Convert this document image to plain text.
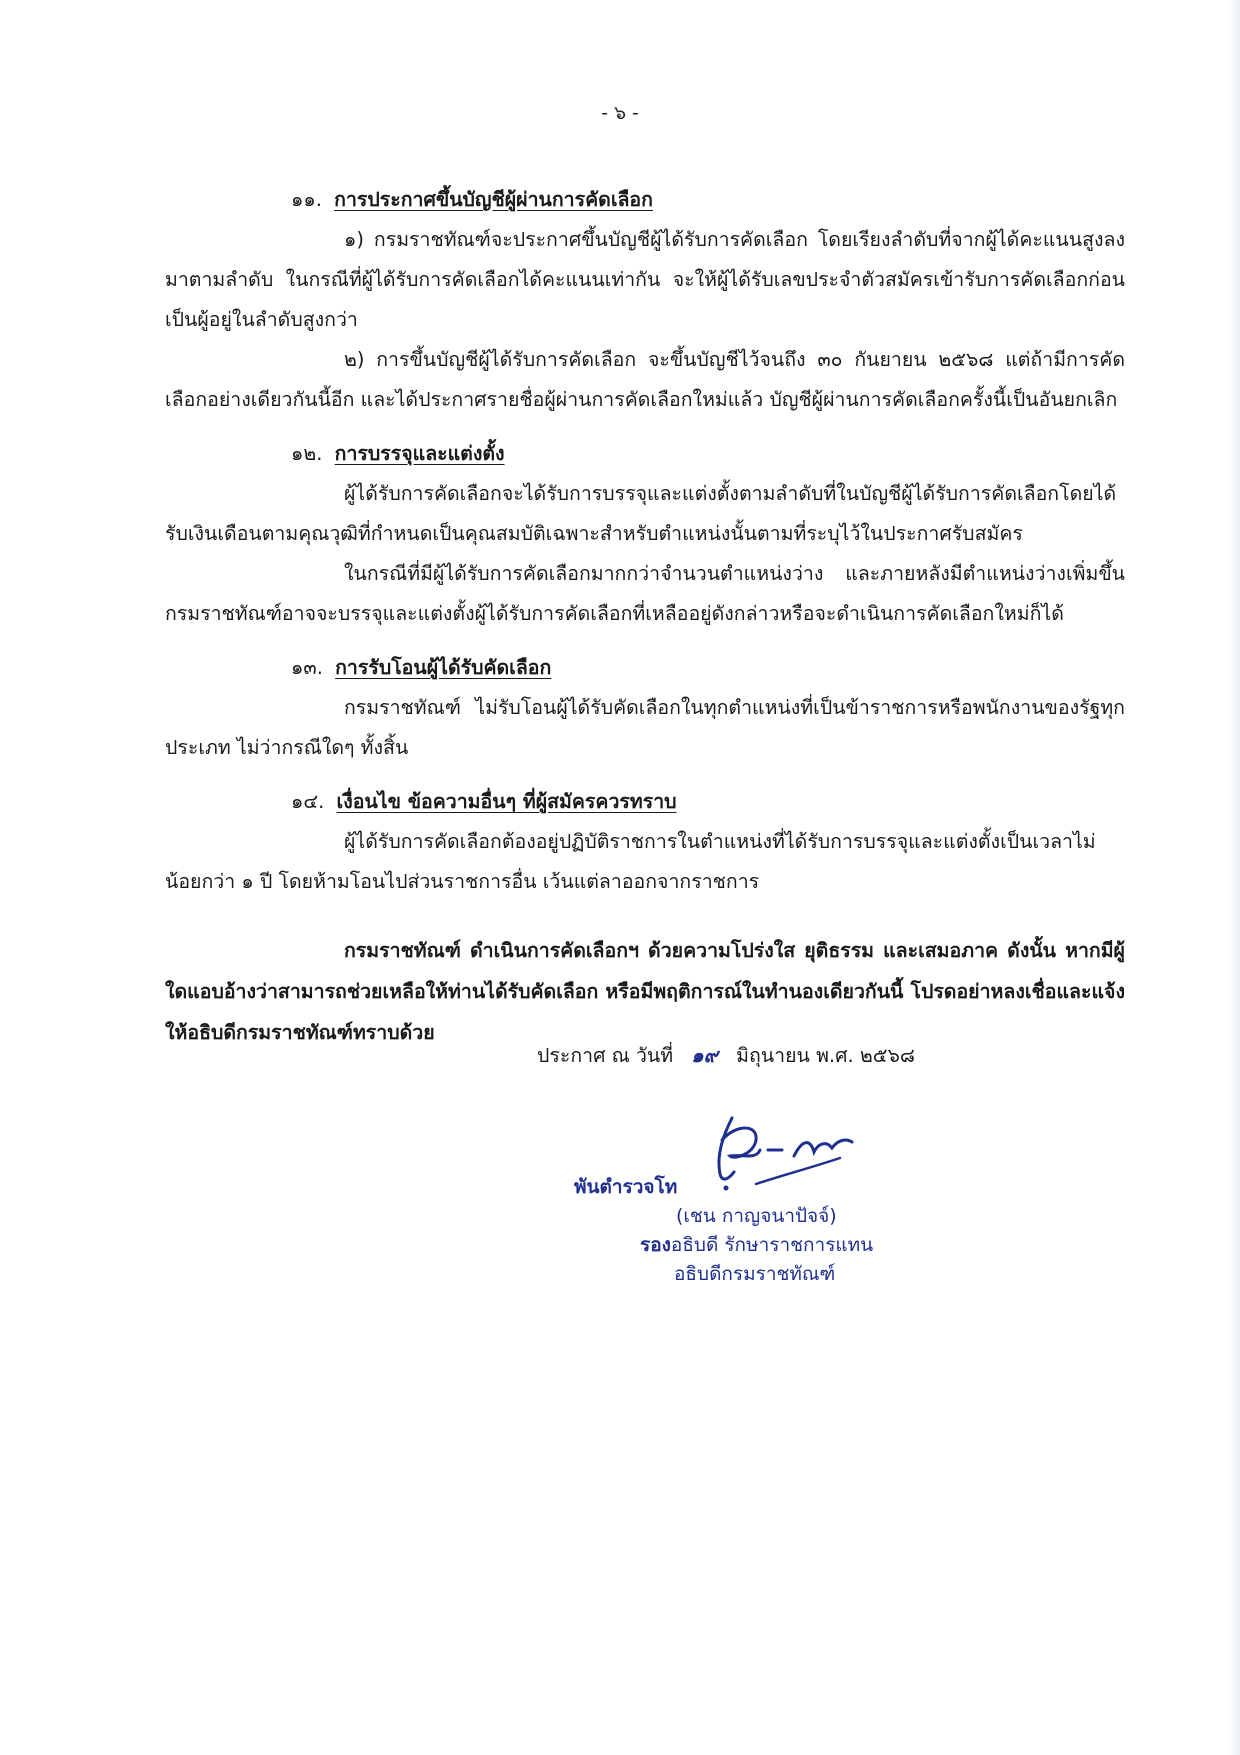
- ๖ -

๑๑. การประกาศขึ้นบัญชีผู้ผ่านการคัดเลือก

๑) กรมราชทัณฑ์จะประกาศขึ้นบัญชีผู้ได้รับการคัดเลือก โดยเรียงลำดับที่จากผู้ได้คะแนนสูงลงมาตามลำดับ ในกรณีที่ผู้ได้รับการคัดเลือกได้คะแนนเท่ากัน จะให้ผู้ได้รับเลขประจำตัวสมัครเข้ารับการคัดเลือกก่อนเป็นผู้อยู่ในลำดับสูงกว่า

๒) การขึ้นบัญชีผู้ได้รับการคัดเลือก จะขึ้นบัญชีไว้จนถึง ๓๐ กันยายน ๒๕๖๘ แต่ถ้ามีการคัดเลือกอย่างเดียวกันนี้อีก และได้ประกาศรายชื่อผู้ผ่านการคัดเลือกใหม่แล้ว บัญชีผู้ผ่านการคัดเลือกครั้งนี้เป็นอันยกเลิก

๑๒. การบรรจุและแต่งตั้ง

ผู้ได้รับการคัดเลือกจะได้รับการบรรจุและแต่งตั้งตามลำดับที่ในบัญชีผู้ได้รับการคัดเลือกโดยได้รับเงินเดือนตามคุณวุฒิที่กำหนดเป็นคุณสมบัติเฉพาะสำหรับตำแหน่งนั้นตามที่ระบุไว้ในประกาศรับสมัคร

ในกรณีที่มีผู้ได้รับการคัดเลือกมากกว่าจำนวนตำแหน่งว่าง และภายหลังมีตำแหน่งว่างเพิ่มขึ้นกรมราชทัณฑ์อาจจะบรรจุและแต่งตั้งผู้ได้รับการคัดเลือกที่เหลืออยู่ดังกล่าวหรือจะดำเนินการคัดเลือกใหม่ก็ได้

๑๓. การรับโอนผู้ได้รับคัดเลือก

กรมราชทัณฑ์ ไม่รับโอนผู้ได้รับคัดเลือกในทุกตำแหน่งที่เป็นข้าราชการหรือพนักงานของรัฐทุกประเภท ไม่ว่ากรณีใดๆ ทั้งสิ้น

๑๔. เงื่อนไข ข้อความอื่นๆ ที่ผู้สมัครควรทราบ

ผู้ได้รับการคัดเลือกต้องอยู่ปฏิบัติราชการในตำแหน่งที่ได้รับการบรรจุและแต่งตั้งเป็นเวลาไม่น้อยกว่า ๑ ปี โดยห้ามโอนไปส่วนราชการอื่น เว้นแต่ลาออกจากราชการ

กรมราชทัณฑ์ ดำเนินการคัดเลือกฯ ด้วยความโปร่งใส ยุติธรรม และเสมอภาค ดังนั้น หากมีผู้ใดแอบอ้างว่าสามารถช่วยเหลือให้ท่านได้รับคัดเลือก หรือมีพฤติการณ์ในทำนองเดียวกันนี้ โปรดอย่าหลงเชื่อและแจ้งให้อธิบดีกรมราชทัณฑ์ทราบด้วย

ประกาศ ณ วันที่ ๑๙ มิถุนายน พ.ศ. ๒๕๖๘
พันตำรวจโท
(เชน กาญจนาปัจจ์)
รองอธิบดี รักษาราชการแทน
อธิบดีกรมราชทัณฑ์
